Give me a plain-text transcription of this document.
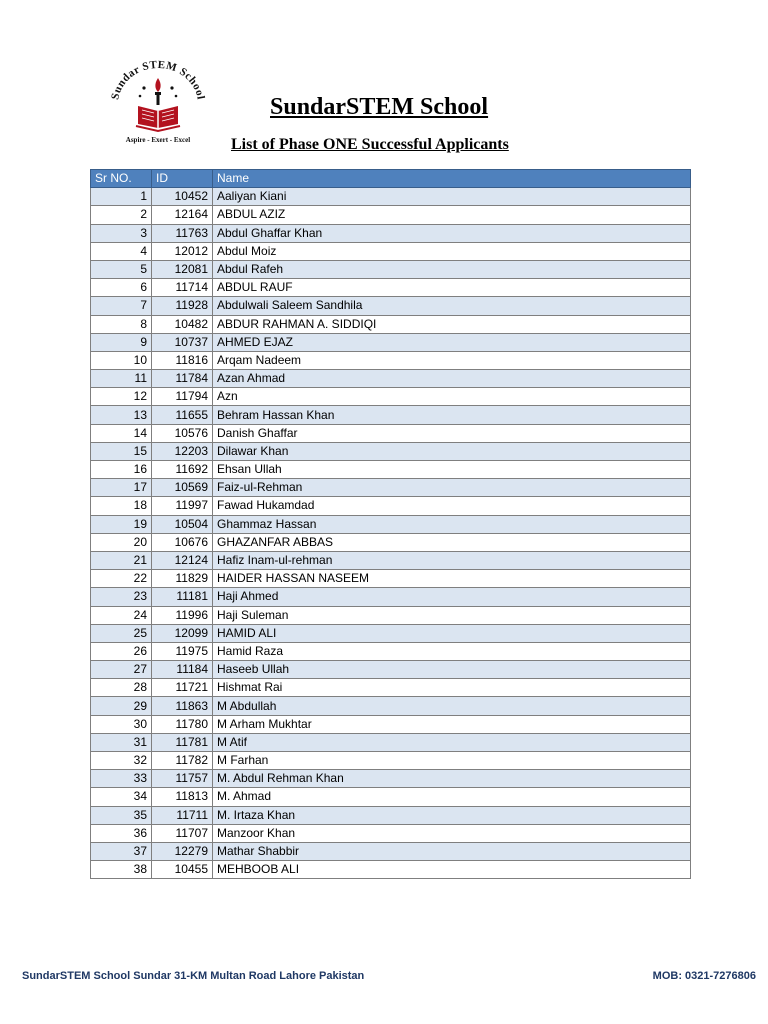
Sundar STEM School
Aspire - Exert - Excel
SundarSTEM School
List of Phase ONE Successful Applicants
Sr NO.	ID	Name
1	10452	Aaliyan Kiani
2	12164	ABDUL AZIZ
3	11763	Abdul Ghaffar Khan
4	12012	Abdul Moiz
5	12081	Abdul Rafeh
6	11714	ABDUL RAUF
7	11928	Abdulwali Saleem Sandhila
8	10482	ABDUR RAHMAN A. SIDDIQI
9	10737	AHMED EJAZ
10	11816	Arqam Nadeem
11	11784	Azan Ahmad
12	11794	Azn
13	11655	Behram Hassan Khan
14	10576	Danish Ghaffar
15	12203	Dilawar Khan
16	11692	Ehsan Ullah
17	10569	Faiz-ul-Rehman
18	11997	Fawad Hukamdad
19	10504	Ghammaz Hassan
20	10676	GHAZANFAR ABBAS
21	12124	Hafiz Inam-ul-rehman
22	11829	HAIDER HASSAN NASEEM
23	11181	Haji Ahmed
24	11996	Haji Suleman
25	12099	HAMID ALI
26	11975	Hamid Raza
27	11184	Haseeb Ullah
28	11721	Hishmat Rai
29	11863	M Abdullah
30	11780	M Arham Mukhtar
31	11781	M Atif
32	11782	M Farhan
33	11757	M. Abdul Rehman Khan
34	11813	M. Ahmad
35	11711	M. Irtaza Khan
36	11707	Manzoor Khan
37	12279	Mathar Shabbir
38	10455	MEHBOOB ALI
SundarSTEM School Sundar 31-KM Multan Road Lahore Pakistan	MOB: 0321-7276806
